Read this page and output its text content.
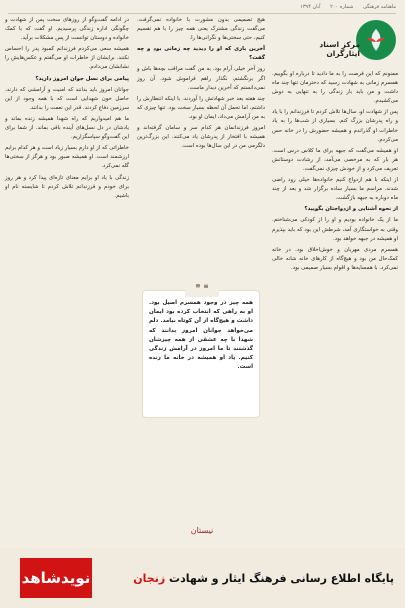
ماهنامه فرهنگی شماره ۲۰۰ آبان ۱۳۹۴
مرکز اسناد ایثارگران

ممنونم که این فرصت را به ما دادید تا درباره او بگوییم. همسرم زمانی به شهادت رسید که دخترمان تنها چند ماه داشت و من باید بار زندگی را به تنهایی به دوش می‌کشیدم.

پس از شهادت او، سال‌ها تلاش کردم تا فرزندانم را با یاد و راه پدرشان بزرگ کنم. بسیاری از شب‌ها را به یاد خاطرات او گذراندم و همیشه حضورش را در خانه حس می‌کردم.

او همیشه می‌گفت که جبهه برای ما کلاس درس است. هر بار که به مرخصی می‌آمد، از رشادت دوستانش تعریف می‌کرد و از خودش چیزی نمی‌گفت.

از اینکه با هم ازدواج کنیم خانواده‌ها خیلی زود راضی شدند. مراسم ما بسیار ساده برگزار شد و بعد از چند ماه دوباره به جبهه بازگشت.

از نحوه آشنایی و ازدواجتان بگویید؟

ما از یک خانواده بودیم و او را از کودکی می‌شناختم. وقتی به خواستگاری آمد، شرطش این بود که باید بپذیرم او همیشه در جبهه خواهد بود.

همسرم مردی مهربان و خوش‌اخلاق بود. در خانه کمک‌حال من بود و هیچ‌گاه از کارهای خانه شانه خالی نمی‌کرد. با همسایه‌ها و اقوام بسیار صمیمی بود.

هیچ تصمیمی بدون مشورت با خانواده نمی‌گرفت. می‌گفت زندگی مشترک یعنی همه چیز را با هم تقسیم کنیم، حتی سختی‌ها و نگرانی‌ها را.

آخرین باری که او را دیدید چه زمانی بود و چه گفت؟

روز آخر خیلی آرام بود. به من گفت مراقب بچه‌ها باش و اگر برنگشتم، نگذار راهم فراموش شود. آن روز نمی‌دانستم که آخرین دیدار ماست.

چند هفته بعد خبر شهادتش را آوردند. با اینکه انتظارش را داشتم، اما تحمل آن لحظه بسیار سخت بود. تنها چیزی که به من آرامش می‌داد، ایمان او بود.

امروز فرزندانمان هر کدام سر و سامان گرفته‌اند و همیشه با افتخار از پدرشان یاد می‌کنند. این بزرگ‌ترین دلگرمی من در این سال‌ها بوده است.

❝ ❞
همه چیز در وجود همسرم اصیل بود. او به راهی که انتخاب کرده بود ایمان داشت و هیچ‌گاه از آن کوتاه نیامد. دلم می‌خواهد جوانان امروز بدانند که شهدا با چه عشقی از همه چیزشان گذشتند تا ما امروز در آرامش زندگی کنیم. یاد او همیشه در خانه ما زنده است.

در ادامه گفت‌وگو از روزهای سخت پس از شهادت و چگونگی اداره زندگی پرسیدیم. او گفت که با کمک خانواده و دوستان توانست از پس مشکلات برآید.

همیشه سعی می‌کردم فرزندانم کمبود پدر را احساس نکنند. برایشان از خاطرات او می‌گفتم و عکس‌هایش را نشانشان می‌دادم.

پیامی برای نسل جوان امروز دارید؟

جوانان امروز باید بدانند که امنیت و آرامشی که دارند، حاصل خون شهدایی است که با همه وجود از این سرزمین دفاع کردند. قدر این نعمت را بدانند.

ما هم امیدواریم که راه شهدا همیشه زنده بماند و یادشان در دل نسل‌های آینده باقی بماند. از شما برای این گفت‌وگو سپاسگزاریم.

خاطراتی که از او دارم بسیار زیاد است و هر کدام برایم ارزشمند است. او همیشه صبور بود و هرگز از سختی‌ها گله نمی‌کرد.

زندگی با یاد او برایم معنای تازه‌ای پیدا کرد و هر روز برای خودم و فرزندانم تلاش کردم تا شایسته نام او باشیم.

نیستان
نویدشاهد	پایگاه اطلاع رسانی فرهنگ ایثار و شهادت زنجان
